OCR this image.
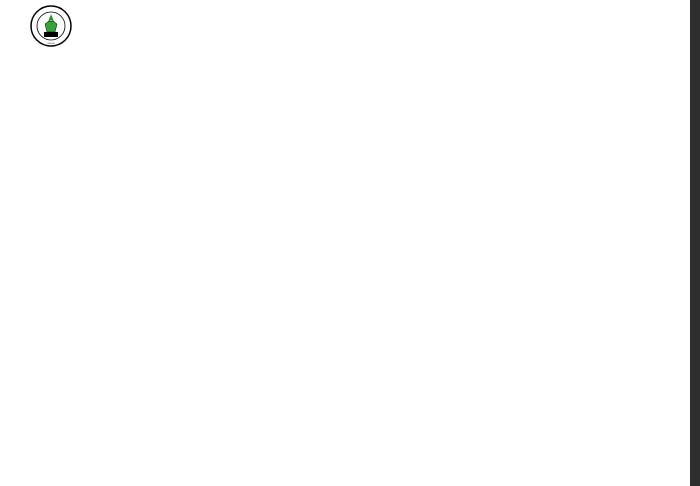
•••••••
